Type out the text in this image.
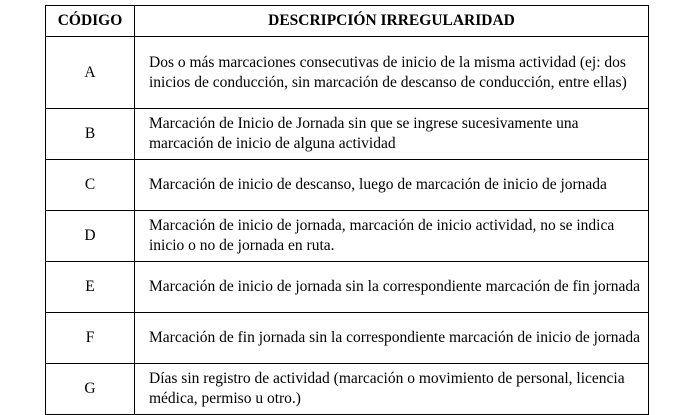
CÓDIGO	DESCRIPCIÓN IRREGULARIDAD
A	Dos o más marcaciones consecutivas de inicio de la misma actividad (ej: dos inicios de conducción, sin marcación de descanso de conducción, entre ellas)
B	Marcación de Inicio de Jornada sin que se ingrese sucesivamente una marcación de inicio de alguna actividad
C	Marcación de inicio de descanso, luego de marcación de inicio de jornada
D	Marcación de inicio de jornada, marcación de inicio actividad, no se indica inicio o no de jornada en ruta.
E	Marcación de inicio de jornada sin la correspondiente marcación de fin jornada
F	Marcación de fin jornada sin la correspondiente marcación de inicio de jornada
G	Días sin registro de actividad (marcación o movimiento de personal, licencia médica, permiso u otro.)
